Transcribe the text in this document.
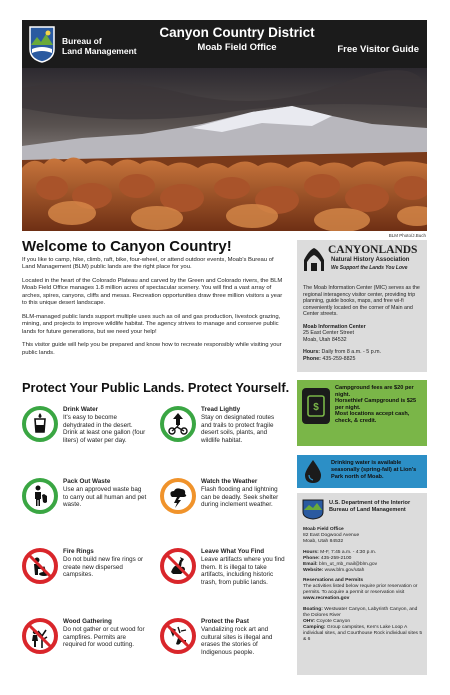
Bureau of
Land Management
Canyon Country District
Moab Field Office	Free Visitor Guide
BLM Photo/J.Buch
Welcome to Canyon Country!

If you like to camp, hike, climb, raft, bike, four-wheel, or attend outdoor events, Moab's Bureau of Land Management (BLM) public lands are the right place for you.

Located in the heart of the Colorado Plateau and carved by the Green and Colorado rivers, the BLM Moab Field Office manages 1.8 million acres of spectacular scenery. You will find a vast array of arches, spires, canyons, cliffs and mesas. Recreation opportunities draw three million visitors a year to this unique desert landscape.

BLM-managed public lands support multiple uses such as oil and gas production, livestock grazing, mining, and projects to improve wildlife habitat. The agency strives to manage and conserve public lands for future generations, but we need your help!

This visitor guide will help you be prepared and know how to recreate responsibly while visiting your public lands.

CANYONLANDS
Natural History Association
We Support the Lands You Love

The Moab Information Center (MIC) serves as the regional interagency visitor center, providing trip planning, guide books, maps, and free wi-fi conveniently located on the corner of Main and Center streets.

Moab Information Center

25 East Center Street

Moab, Utah 84532

Hours: Daily from 8 a.m. - 5 p.m.

Phone: 435-259-8825

Protect Your Public Lands. Protect Yourself.
Drink Water
It's easy to become dehydrated in the desert. Drink at least one gallon (four liters) of water per day.
Tread Lightly
Stay on designated routes and trails to protect fragile desert soils, plants, and wildlife habitat.
Pack Out Waste
Use an approved waste bag to carry out all human and pet waste.
Watch the Weather
Flash flooding and lightning can be deadly. Seek shelter during inclement weather.
Fire Rings
Do not build new fire rings or create new dispersed campsites.
Leave What You Find
Leave artifacts where you find them. It is illegal to take artifacts, including historic trash, from public lands.
Wood Gathering
Do not gather or cut wood for campfires. Permits are required for wood cutting.
Protect the Past
Vandalizing rock art and cultural sites is illegal and erases the stories of Indigenous people.
$
Campground fees are $20 per night.
Horsethief Campground is $25 per night.
Most locations accept cash, check, & credit.
Drinking water is available seasonally (spring-fall) at Lion's Park north of Moab.
U.S. Department of the Interior
Bureau of Land Management

Moab Field Office
82 East Dogwood Avenue
Moab, Utah 84532

Hours: M-F, 7:45 a.m. - 4:30 p.m.
Phone: 435-259-2100
Email: blm_ut_mb_mail@blm.gov
Website: www.blm.gov/utah

Reservations and Permits
The activities listed below require prior reservation or permits. To acquire a permit or reservation visit www.recreation.gov

Boating: Westwater Canyon, Labyrinth Canyon, and the Dolores River
OHV: Coyote Canyon
Camping: Group campsites, Ken's Lake Loop A individual sites, and Courthouse Rock individual sites 5 & 6
